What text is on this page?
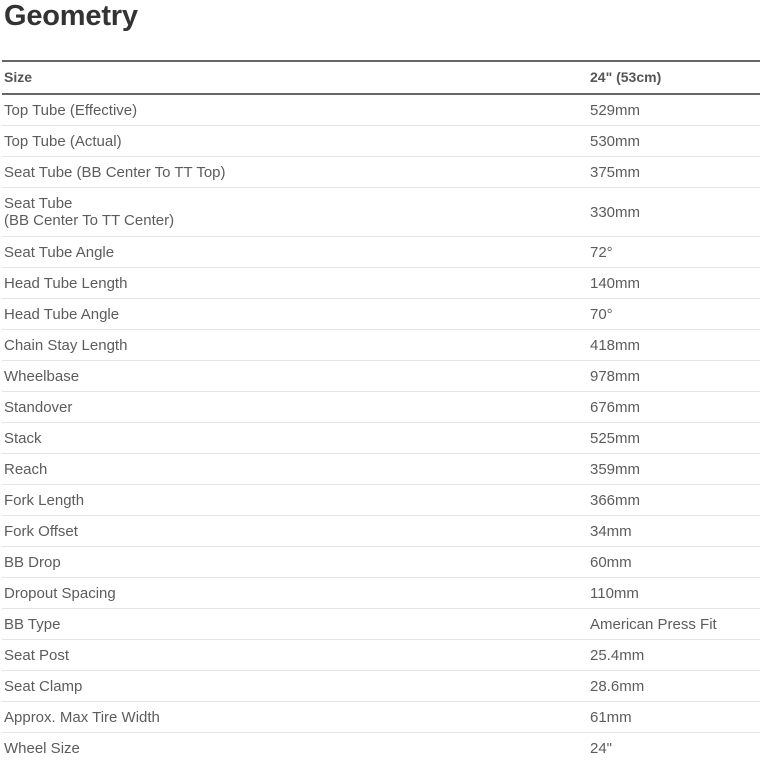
Geometry
Size	24" (53cm)
Top Tube (Effective)	529mm
Top Tube (Actual)	530mm
Seat Tube (BB Center To TT Top)	375mm
Seat Tube
(BB Center To TT Center)	330mm
Seat Tube Angle	72°
Head Tube Length	140mm
Head Tube Angle	70°
Chain Stay Length	418mm
Wheelbase	978mm
Standover	676mm
Stack	525mm
Reach	359mm
Fork Length	366mm
Fork Offset	34mm
BB Drop	60mm
Dropout Spacing	110mm
BB Type	American Press Fit
Seat Post	25.4mm
Seat Clamp	28.6mm
Approx. Max Tire Width	61mm
Wheel Size	24"
